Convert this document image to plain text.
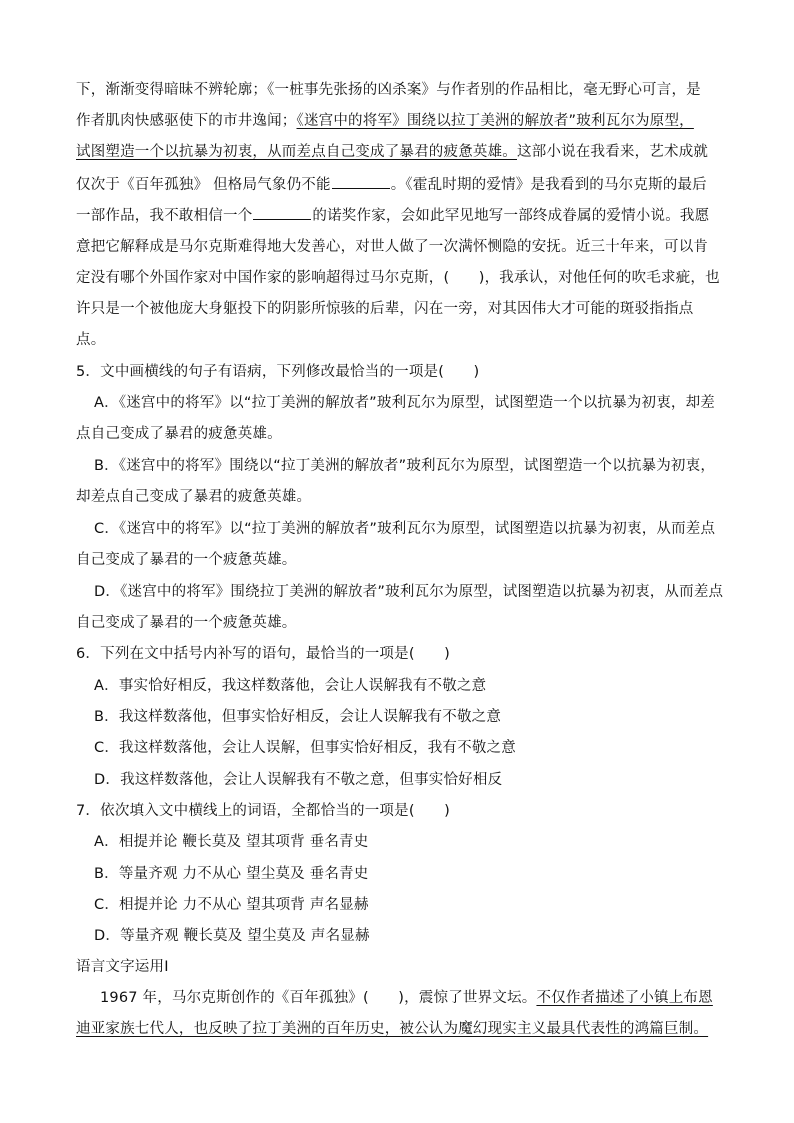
下，渐渐变得暗昧不辨轮廓；《一桩事先张扬的凶杀案》与作者别的作品相比，毫无野心可言，是
作者肌肉快感驱使下的市井逸闻；《迷宫中的将军》围绕以拉丁美洲的解放者”玻利瓦尔为原型，
试图塑造一个以抗暴为初衷，从而差点自己变成了暴君的疲惫英雄。这部小说在我看来，艺术成就
仅次于《百年孤独》 但格局气象仍不能	。《霍乱时期的爱情》是我看到的马尔克斯的最后
一部作品，我不敢相信一个	的诺奖作家，会如此罕见地写一部终成眷属的爱情小说。我愿
意把它解释成是马尔克斯难得地大发善心，对世人做了一次满怀恻隐的安抚。近三十年来，可以肯
定没有哪个外国作家对中国作家的影响超得过马尔克斯，(　　)，我承认，对他任何的吹毛求疵，也
许只是一个被他庞大身躯投下的阴影所惊骇的后辈，闪在一旁，对其因伟大才可能的斑驳指指点
点。
5．文中画横线的句子有语病，下列修改最恰当的一项是(　　)
A．《迷宫中的将军》以“拉丁美洲的解放者”玻利瓦尔为原型，试图塑造一个以抗暴为初衷，却差
点自己变成了暴君的疲惫英雄。
B．《迷宫中的将军》围绕以“拉丁美洲的解放者”玻利瓦尔为原型，试图塑造一个以抗暴为初衷，
却差点自己变成了暴君的疲惫英雄。
C．《迷宫中的将军》以“拉丁美洲的解放者”玻利瓦尔为原型，试图塑造以抗暴为初衷，从而差点
自己变成了暴君的一个疲惫英雄。
D．《迷宫中的将军》围绕拉丁美洲的解放者”玻利瓦尔为原型，试图塑造以抗暴为初衷，从而差点
自己变成了暴君的一个疲惫英雄。
6．下列在文中括号内补写的语句，最恰当的一项是(　　)
A．事实恰好相反，我这样数落他，会让人误解我有不敬之意
B．我这样数落他，但事实恰好相反，会让人误解我有不敬之意
C．我这样数落他，会让人误解，但事实恰好相反，我有不敬之意
D．我这样数落他，会让人误解我有不敬之意，但事实恰好相反
7．依次填入文中横线上的词语，全都恰当的一项是(　　)
A．相提并论 鞭长莫及 望其项背 垂名青史
B．等量齐观 力不从心 望尘莫及 垂名青史
C．相提并论 力不从心 望其项背 声名显赫
D．等量齐观 鞭长莫及 望尘莫及 声名显赫
语言文字运用Ⅰ
1967 年，马尔克斯创作的《百年孤独》(　　)，震惊了世界文坛。不仅作者描述了小镇上布恩
迪亚家族七代人，也反映了拉丁美洲的百年历史，被公认为魔幻现实主义最具代表性的鸿篇巨制。
